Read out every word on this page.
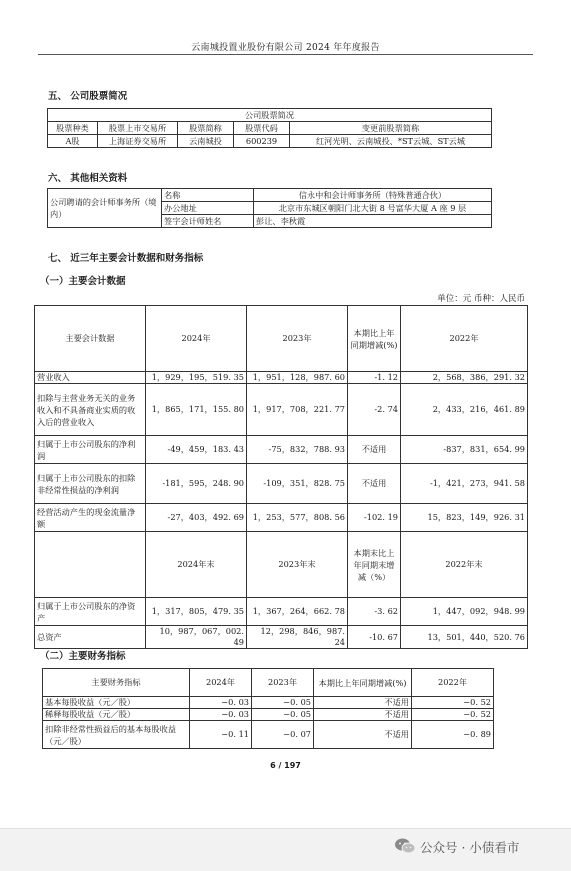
云南城投置业股份有限公司 2024 年年度报告
五、 公司股票简况
公司股票简况				
股票种类	股票上市交易所	股票简称	股票代码	变更前股票简称
A股	上海证券交易所	云南城投	600239	红河光明、云南城投、*ST云城、ST云城
六、 其他相关资料
公司聘请的会计师事务所（境内）	名称	信永中和会计师事务所（特殊普通合伙）
	办公地址	北京市东城区朝阳门北大街 8 号富华大厦 A 座 9 层
	签字会计师姓名	彭让、李秋霞
七、 近三年主要会计数据和财务指标
（一）主要会计数据
单位：元 币种：人民币
主要会计数据	2024年	2023年	本期比上年同期增减(%)	2022年
营业收入	1，929，195，519. 35	1，951，128，987. 60	-1. 12	2，568，386，291. 32
扣除与主营业务无关的业务收入和不具备商业实质的收入后的营业收入	1，865，171，155. 80	1，917，708，221. 77	-2. 74	2，433，216，461. 89
归属于上市公司股东的净利润	-49，459，183. 43	-75，832，788. 93	不适用	-837，831，654. 99
归属于上市公司股东的扣除非经常性损益的净利润	-181，595，248. 90	-109，351，828. 75	不适用	-1，421，273，941. 58
经营活动产生的现金流量净额	-27，403，492. 69	1，253，577，808. 56	-102. 19	15，823，149，926. 31
	2024年末	2023年末	本期末比上年同期末增减（%）	2022年末
归属于上市公司股东的净资产	1，317，805，479. 35	1，367，264，662. 78	-3. 62	1，447，092，948. 99
总资产	10，987，067，002. 49	12，298，846，987. 24	-10. 67	13，501，440，520. 76
（二）主要财务指标
主要财务指标	2024年	2023年	本期比上年同期增减(%)	2022年
基本每股收益（元／股）	−0. 03	−0. 05	不适用	−0. 52
稀释每股收益（元／股）	−0. 03	−0. 05	不适用	−0. 52
扣除非经常性损益后的基本每股收益（元／股）	−0. 11	−0. 07	不适用	−0. 89
6 / 197
公众号 · 小债看市
